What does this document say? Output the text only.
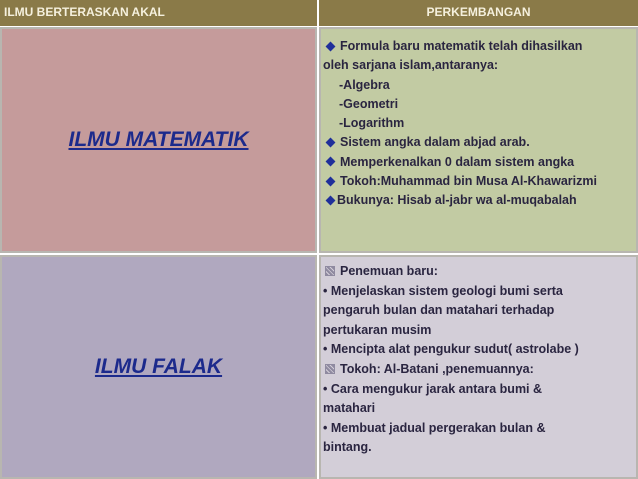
ILMU BERTERASKAN AKAL	PERKEMBANGAN
ILMU MATEMATIK
Formula baru matematik telah dihasilkan
oleh sarjana islam,antaranya:
-Algebra
-Geometri
-Logarithm
Sistem angka dalam abjad arab.
Memperkenalkan 0 dalam sistem angka
Tokoh:Muhammad bin Musa Al-Khawarizmi
Bukunya: Hisab al-jabr wa al-muqabalah
ILMU FALAK
Penemuan baru:
• Menjelaskan sistem geologi bumi serta
pengaruh bulan dan matahari terhadap
pertukaran musim
• Mencipta alat pengukur sudut( astrolabe )
Tokoh: Al-Batani ,penemuannya:
• Cara mengukur jarak antara bumi &
matahari
• Membuat jadual pergerakan bulan &
bintang.
